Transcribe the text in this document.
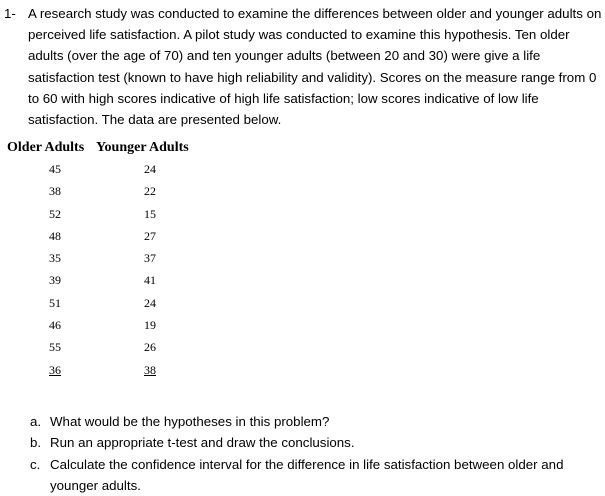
1- A research study was conducted to examine the differences between older and younger adults on perceived life satisfaction. A pilot study was conducted to examine this hypothesis. Ten older adults (over the age of 70) and ten younger adults (between 20 and 30) were give a life satisfaction test (known to have high reliability and validity). Scores on the measure range from 0 to 60 with high scores indicative of high life satisfaction; low scores indicative of low life satisfaction. The data are presented below.
Older Adults Younger Adults
45	24
38	22
52	15
48	27
35	37
39	41
51	24
46	19
55	26
36	38
a. What would be the hypotheses in this problem?
b. Run an appropriate t-test and draw the conclusions.
c. Calculate the confidence interval for the difference in life satisfaction between older and younger adults.
